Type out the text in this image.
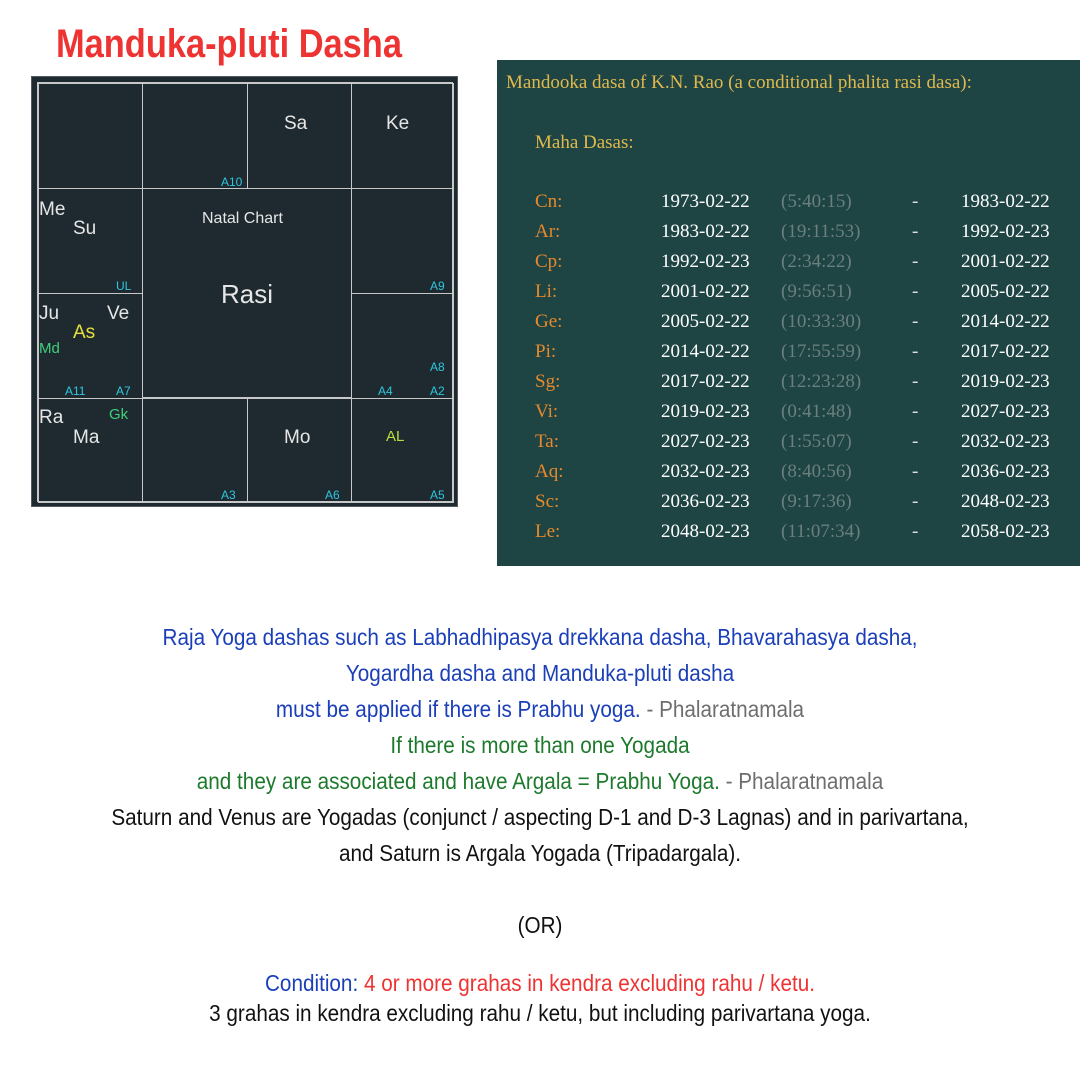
Manduka-pluti Dasha
Natal Chart
Rasi
Sa	Ke
Me
Su
Ju	Ve
As
Md
Ra
Ma
Gk
Mo	AL
A10
UL	A9
A8
A4	A2
A11	A7
A3	A6	A5
Mandooka dasa of K.N. Rao (a conditional phalita rasi dasa):
Maha Dasas:
Cn:	1973-02-22 (5:40:15)	- 1983-02-22
Ar:	1983-02-22 (19:11:53)	- 1992-02-23
Cp:	1992-02-23 (2:34:22)	- 2001-02-22
Li:	2001-02-22 (9:56:51)	- 2005-02-22
Ge:	2005-02-22 (10:33:30)	- 2014-02-22
Pi:	2014-02-22 (17:55:59)	- 2017-02-22
Sg:	2017-02-22 (12:23:28)	- 2019-02-23
Vi:	2019-02-23 (0:41:48)	- 2027-02-23
Ta:	2027-02-23 (1:55:07)	- 2032-02-23
Aq:	2032-02-23 (8:40:56)	- 2036-02-23
Sc:	2036-02-23 (9:17:36)	- 2048-02-23
Le:	2048-02-23 (11:07:34)	- 2058-02-23
Raja Yoga dashas such as Labhadhipasya drekkana dasha, Bhavarahasya dasha,
Yogardha dasha and Manduka-pluti dasha
must be applied if there is Prabhu yoga. - Phalaratnamala
If there is more than one Yogada
and they are associated and have Argala = Prabhu Yoga. - Phalaratnamala
Saturn and Venus are Yogadas (conjunct / aspecting D-1 and D-3 Lagnas) and in parivartana,
and Saturn is Argala Yogada (Tripadargala).
(OR)
Condition: 4 or more grahas in kendra excluding rahu / ketu.
3 grahas in kendra excluding rahu / ketu, but including parivartana yoga.
